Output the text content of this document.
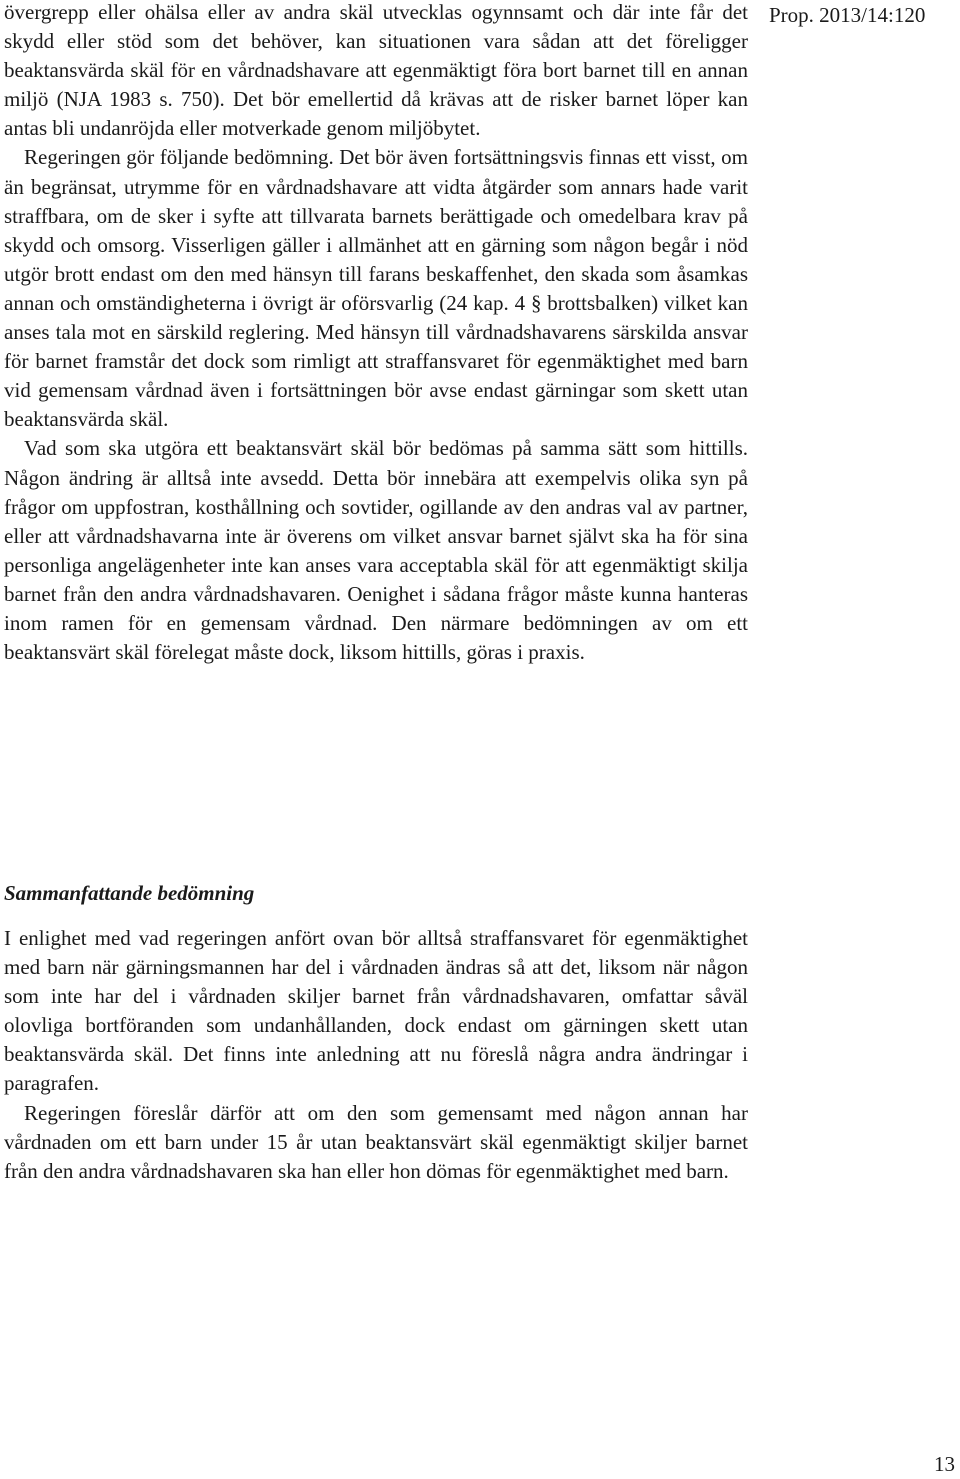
övergrepp eller ohälsa eller av andra skäl utvecklas ogynnsamt och där inte får det skydd eller stöd som det behöver, kan situationen vara sådan att det föreligger beaktansvärda skäl för en vårdnadshavare att egenmäktigt föra bort barnet till en annan miljö (NJA 1983 s. 750). Det bör emellertid då krävas att de risker barnet löper kan antas bli undanröjda eller motverkade genom miljöbytet.

Regeringen gör följande bedömning. Det bör även fortsättningsvis finnas ett visst, om än begränsat, utrymme för en vårdnadshavare att vidta åtgärder som annars hade varit straffbara, om de sker i syfte att tillvarata barnets berättigade och omedelbara krav på skydd och omsorg. Visserligen gäller i allmänhet att en gärning som någon begår i nöd utgör brott endast om den med hänsyn till farans beskaffenhet, den skada som åsamkas annan och omständigheterna i övrigt är oförsvarlig (24 kap. 4 § brottsbalken) vilket kan anses tala mot en särskild reglering. Med hänsyn till vårdnadshavarens särskilda ansvar för barnet framstår det dock som rimligt att straffansvaret för egenmäktighet med barn vid gemensam vårdnad även i fortsättningen bör avse endast gärningar som skett utan beaktansvärda skäl.

Vad som ska utgöra ett beaktansvärt skäl bör bedömas på samma sätt som hittills. Någon ändring är alltså inte avsedd. Detta bör innebära att exempelvis olika syn på frågor om uppfostran, kosthållning och sovtider, ogillande av den andras val av partner, eller att vårdnadshavarna inte är överens om vilket ansvar barnet självt ska ha för sina personliga angelägenheter inte kan anses vara acceptabla skäl för att egenmäktigt skilja barnet från den andra vårdnadshavaren. Oenighet i sådana frågor måste kunna hanteras inom ramen för en gemensam vårdnad. Den närmare bedömningen av om ett beaktansvärt skäl förelegat måste dock, liksom hittills, göras i praxis.

Prop. 2013/14:120
Sammanfattande bedömning

I enlighet med vad regeringen anfört ovan bör alltså straffansvaret för egenmäktighet med barn när gärningsmannen har del i vårdnaden ändras så att det, liksom när någon som inte har del i vårdnaden skiljer barnet från vårdnadshavaren, omfattar såväl olovliga bortföranden som undanhållanden, dock endast om gärningen skett utan beaktansvärda skäl. Det finns inte anledning att nu föreslå några andra ändringar i paragrafen.

Regeringen föreslår därför att om den som gemensamt med någon annan har vårdnaden om ett barn under 15 år utan beaktansvärt skäl egenmäktigt skiljer barnet från den andra vårdnadshavaren ska han eller hon dömas för egenmäktighet med barn.

13
